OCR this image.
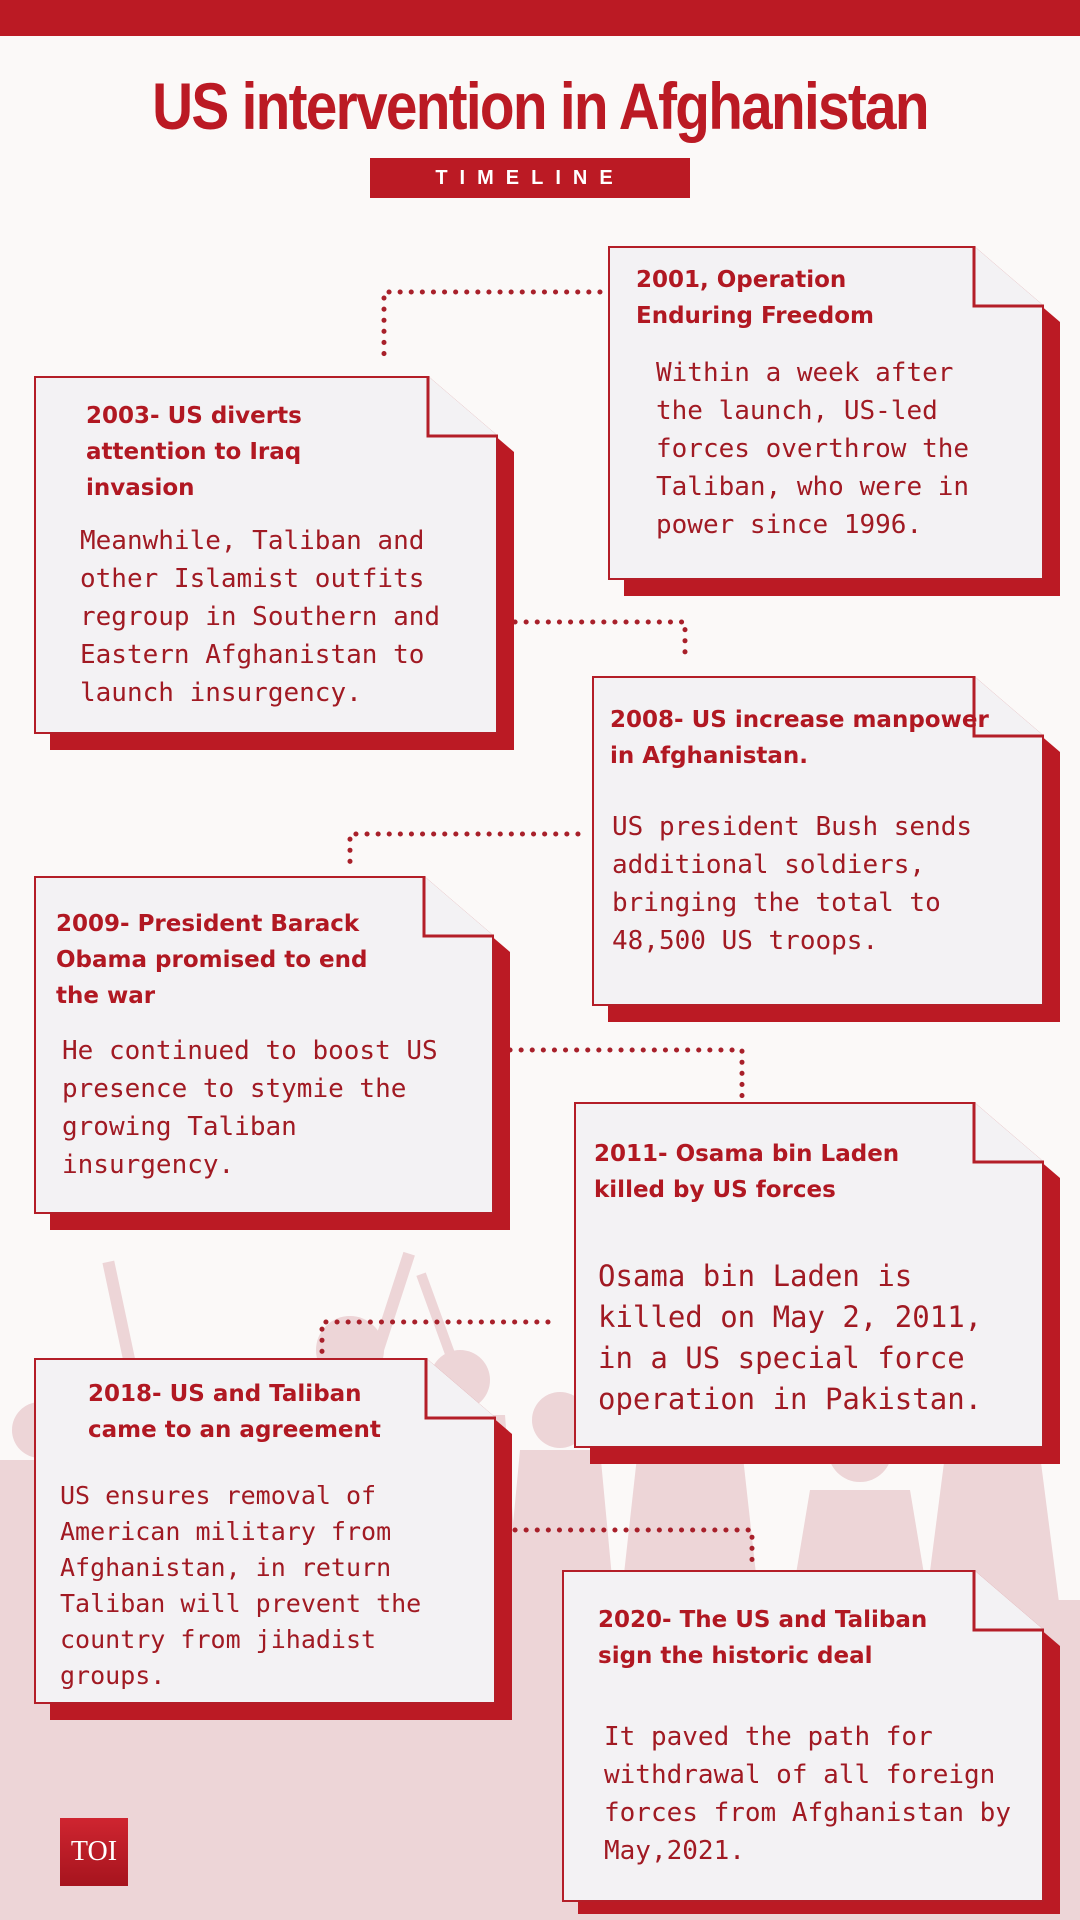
US intervention in Afghanistan
TIMELINE

2001, Operation Enduring Freedom

Within a week after the launch, US-led forces overthrow the Taliban, who were in power since 1996.

2003- US diverts attention to Iraq invasion

Meanwhile, Taliban and other Islamist outfits regroup in Southern and Eastern Afghanistan to launch insurgency.

2008- US increase manpower in Afghanistan.

US president Bush sends additional soldiers, bringing the total to 48,500 US troops.

2009- President Barack Obama promised to end the war

He continued to boost US presence to stymie the growing Taliban insurgency.	2011- Osama bin Laden killed by US forces

Osama bin Laden is killed on May 2, 2011, in a US special force operation in Pakistan.

2018- US and Taliban came to an agreement

US ensures removal of American military from Afghanistan, in return Taliban will prevent the country from jihadist groups.

2020- The US and Taliban sign the historic deal

It paved the path for withdrawal of all foreign forces from Afghanistan by May,2021.

TOI
